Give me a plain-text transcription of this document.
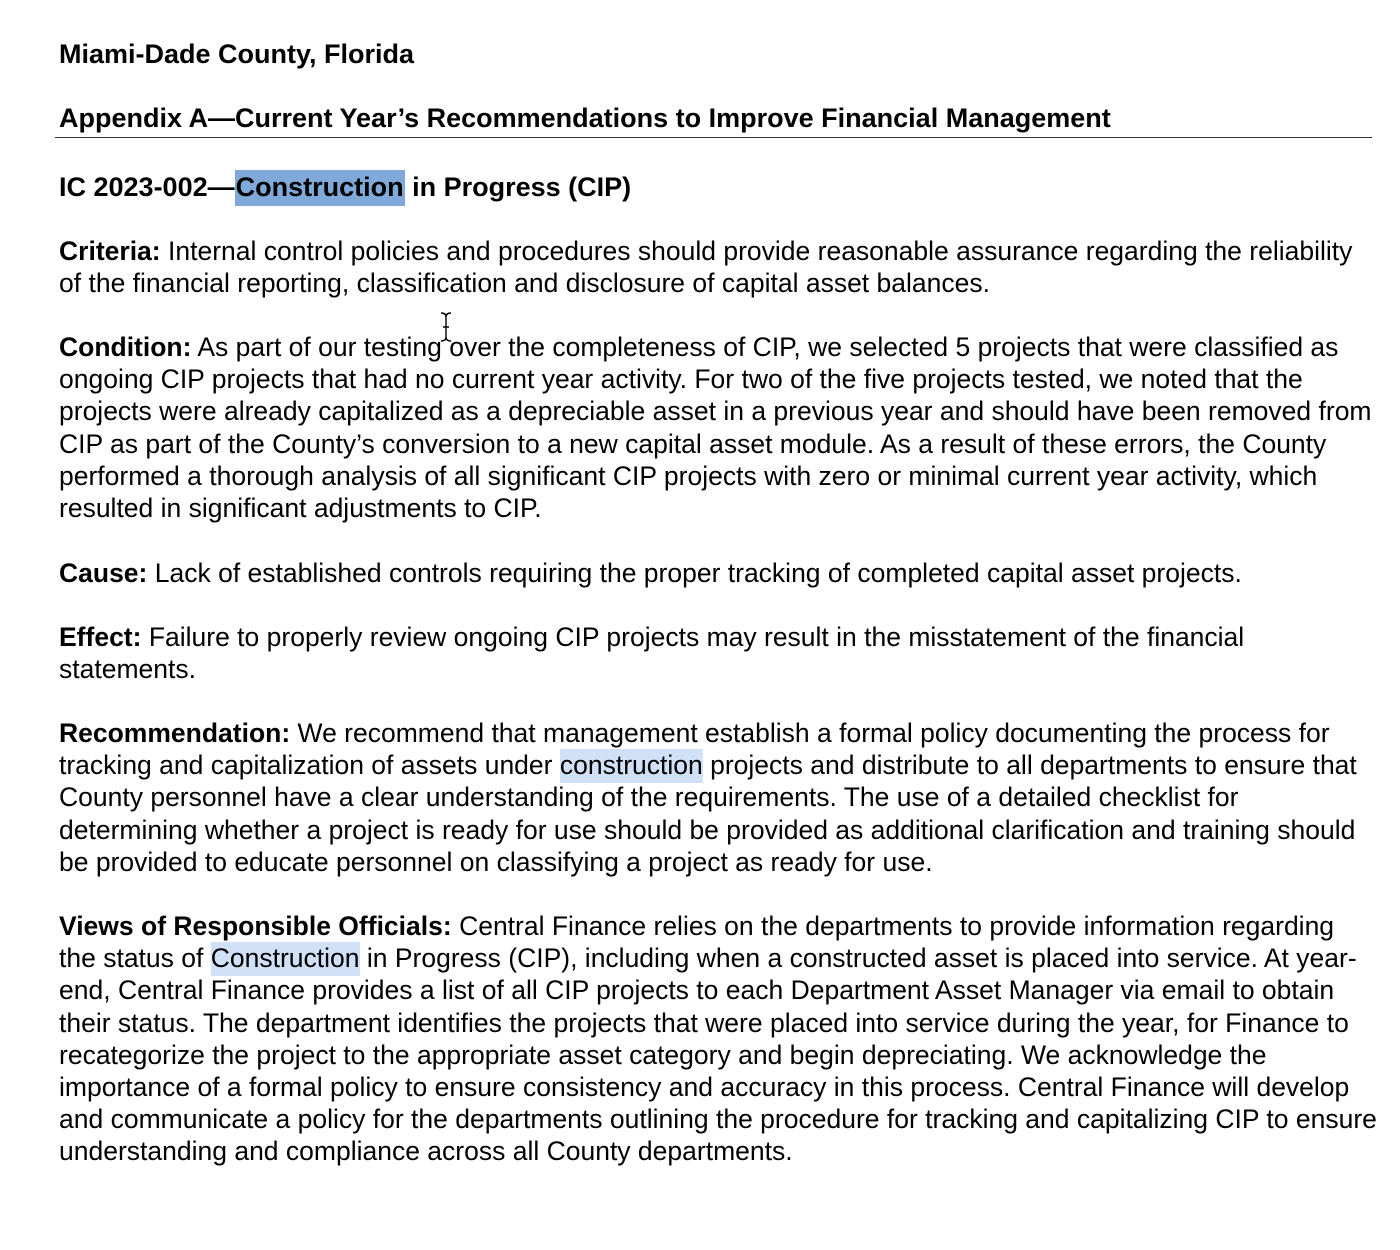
Miami-Dade County, Florida
Appendix A—Current Year’s Recommendations to Improve Financial Management
IC 2023-002—Construction in Progress (CIP)

Criteria: Internal control policies and procedures should provide reasonable assurance regarding the reliability of the financial reporting, classification and disclosure of capital asset balances.

Condition: As part of our testing over the completeness of CIP, we selected 5 projects that were classified as ongoing CIP projects that had no current year activity. For two of the five projects tested, we noted that the projects were already capitalized as a depreciable asset in a previous year and should have been removed from CIP as part of the County’s conversion to a new capital asset module. As a result of these errors, the County performed a thorough analysis of all significant CIP projects with zero or minimal current year activity, which resulted in significant adjustments to CIP.

Cause: Lack of established controls requiring the proper tracking of completed capital asset projects.

Effect: Failure to properly review ongoing CIP projects may result in the misstatement of the financial statements.

Recommendation: We recommend that management establish a formal policy documenting the process for tracking and capitalization of assets under construction projects and distribute to all departments to ensure that County personnel have a clear understanding of the requirements. The use of a detailed checklist for determining whether a project is ready for use should be provided as additional clarification and training should be provided to educate personnel on classifying a project as ready for use.

Views of Responsible Officials: Central Finance relies on the departments to provide information regarding the status of Construction in Progress (CIP), including when a constructed asset is placed into service. At year-end, Central Finance provides a list of all CIP projects to each Department Asset Manager via email to obtain their status. The department identifies the projects that were placed into service during the year, for Finance to recategorize the project to the appropriate asset category and begin depreciating. We acknowledge the importance of a formal policy to ensure consistency and accuracy in this process. Central Finance will develop and communicate a policy for the departments outlining the procedure for tracking and capitalizing CIP to ensure understanding and compliance across all County departments.
